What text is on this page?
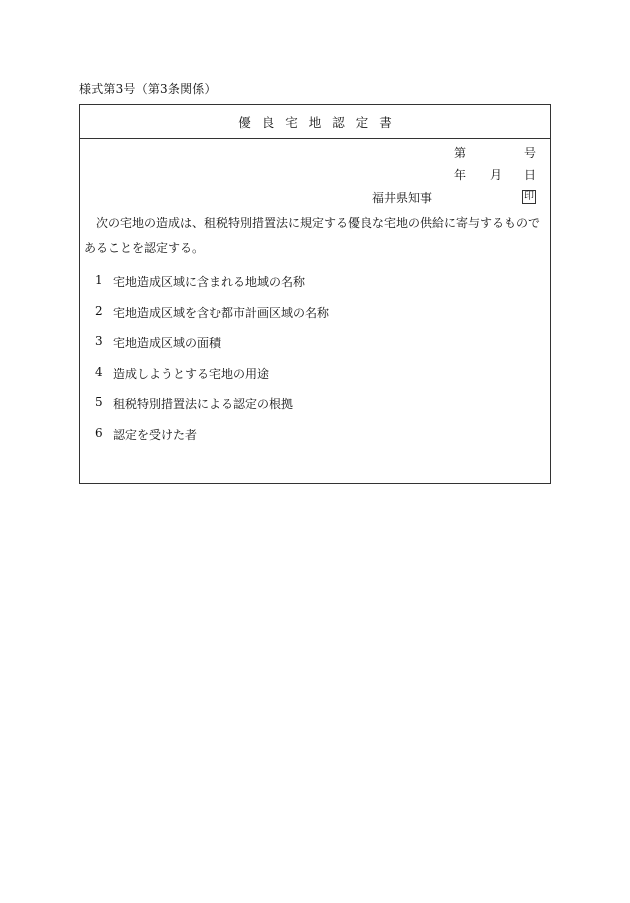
様式第3号（第3条関係）
優良宅地認定書
第	号
年 月 日
福井県知事	印
次の宅地の造成は、租税特別措置法に規定する優良な宅地の供給に寄与するものであることを認定する。
1 宅地造成区域に含まれる地域の名称
2 宅地造成区域を含む都市計画区域の名称
3 宅地造成区域の面積
4 造成しようとする宅地の用途
5 租税特別措置法による認定の根拠
6 認定を受けた者
